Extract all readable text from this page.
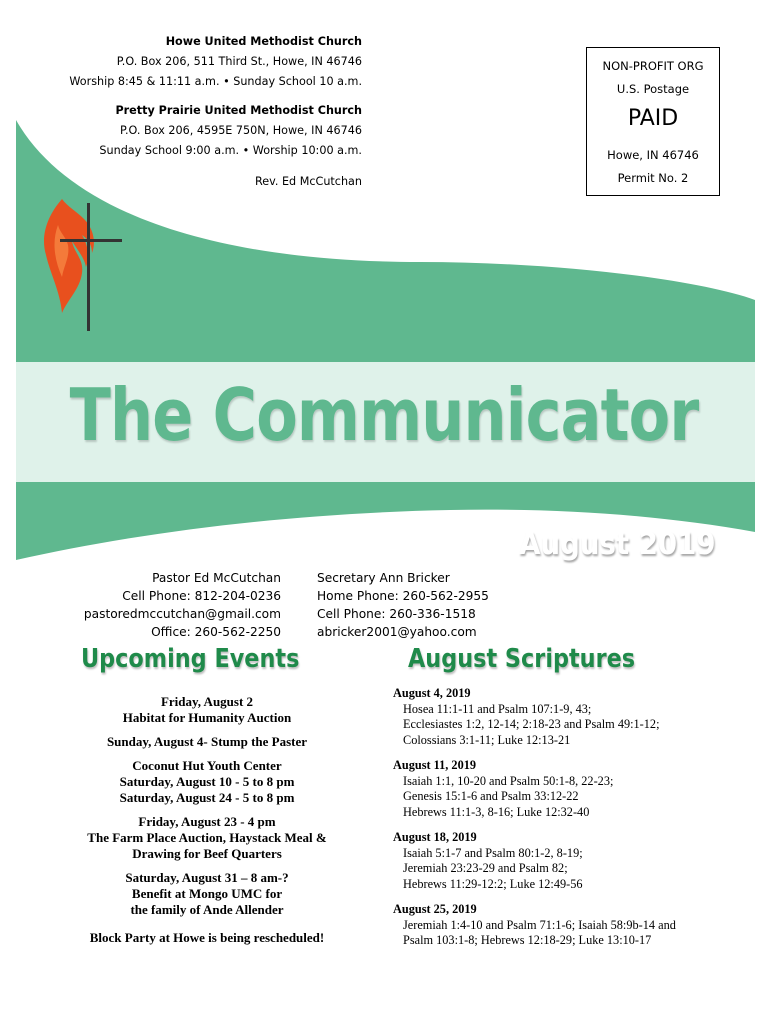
Howe United Methodist Church
P.O. Box 206, 511 Third St., Howe, IN 46746
Worship 8:45 & 11:11 a.m. • Sunday School 10 a.m.
Pretty Prairie United Methodist Church
P.O. Box 206, 4595E 750N, Howe, IN 46746
Sunday School 9:00 a.m. • Worship 10:00 a.m.
Rev. Ed McCutchan
NON-PROFIT ORG
U.S. Postage
PAID
Howe, IN 46746
Permit No. 2
The Communicator
August 2019
Pastor Ed McCutchan
Cell Phone: 812-204-0236
pastoredmccutchan@gmail.com
Office: 260-562-2250
Secretary Ann Bricker
Home Phone: 260-562-2955
Cell Phone: 260-336-1518
abricker2001@yahoo.com
Upcoming Events	August Scriptures
Friday, August 2
Habitat for Humanity Auction
Sunday, August 4- Stump the Paster
Coconut Hut Youth Center
Saturday, August 10 - 5 to 8 pm
Saturday, August 24 - 5 to 8 pm
Friday, August 23 - 4 pm
The Farm Place Auction, Haystack Meal &
Drawing for Beef Quarters
Saturday, August 31 – 8 am-?
Benefit at Mongo UMC for
the family of Ande Allender
Block Party at Howe is being rescheduled!
August 4, 2019
Hosea 11:1-11 and Psalm 107:1-9, 43;
Ecclesiastes 1:2, 12-14; 2:18-23 and Psalm 49:1-12;
Colossians 3:1-11; Luke 12:13-21
August 11, 2019
Isaiah 1:1, 10-20 and Psalm 50:1-8, 22-23;
Genesis 15:1-6 and Psalm 33:12-22
Hebrews 11:1-3, 8-16; Luke 12:32-40
August 18, 2019
Isaiah 5:1-7 and Psalm 80:1-2, 8-19;
Jeremiah 23:23-29 and Psalm 82;
Hebrews 11:29-12:2; Luke 12:49-56
August 25, 2019
Jeremiah 1:4-10 and Psalm 71:1-6; Isaiah 58:9b-14 and
Psalm 103:1-8; Hebrews 12:18-29; Luke 13:10-17
